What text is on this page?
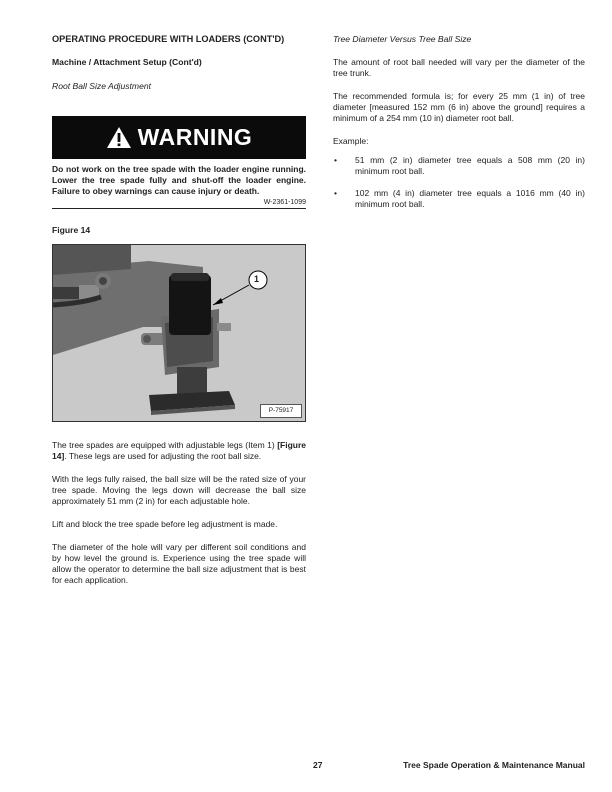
OPERATING PROCEDURE WITH LOADERS (CONT'D)
Machine / Attachment Setup (Cont'd)
Root Ball Size Adjustment
WARNING
Do not work on the tree spade with the loader engine running. Lower the tree spade fully and shut-off the loader engine. Failure to obey warnings can cause injury or death.
W-2361-1099
Figure 14
1
P-75917

The tree spades are equipped with adjustable legs (Item 1) [Figure 14]. These legs are used for adjusting the root ball size.

With the legs fully raised, the ball size will be the rated size of your tree spade. Moving the legs down will decrease the ball size approximately 51 mm (2 in) for each adjustable hole.

Lift and block the tree spade before leg adjustment is made.

The diameter of the hole will vary per different soil conditions and by how level the ground is. Experience using the tree spade will allow the operator to determine the ball size adjustment that is best for each application.

Tree Diameter Versus Tree Ball Size

The amount of root ball needed will vary per the diameter of the tree trunk.

The recommended formula is; for every 25 mm (1 in) of tree diameter [measured 152 mm (6 in) above the ground] requires a minimum of a 254 mm (10 in) diameter root ball.

Example:

• 51 mm (2 in) diameter tree equals a 508 mm (20 in) minimum root ball.
• 102 mm (4 in) diameter tree equals a 1016 mm (40 in) minimum root ball.
27	Tree Spade Operation & Maintenance Manual
